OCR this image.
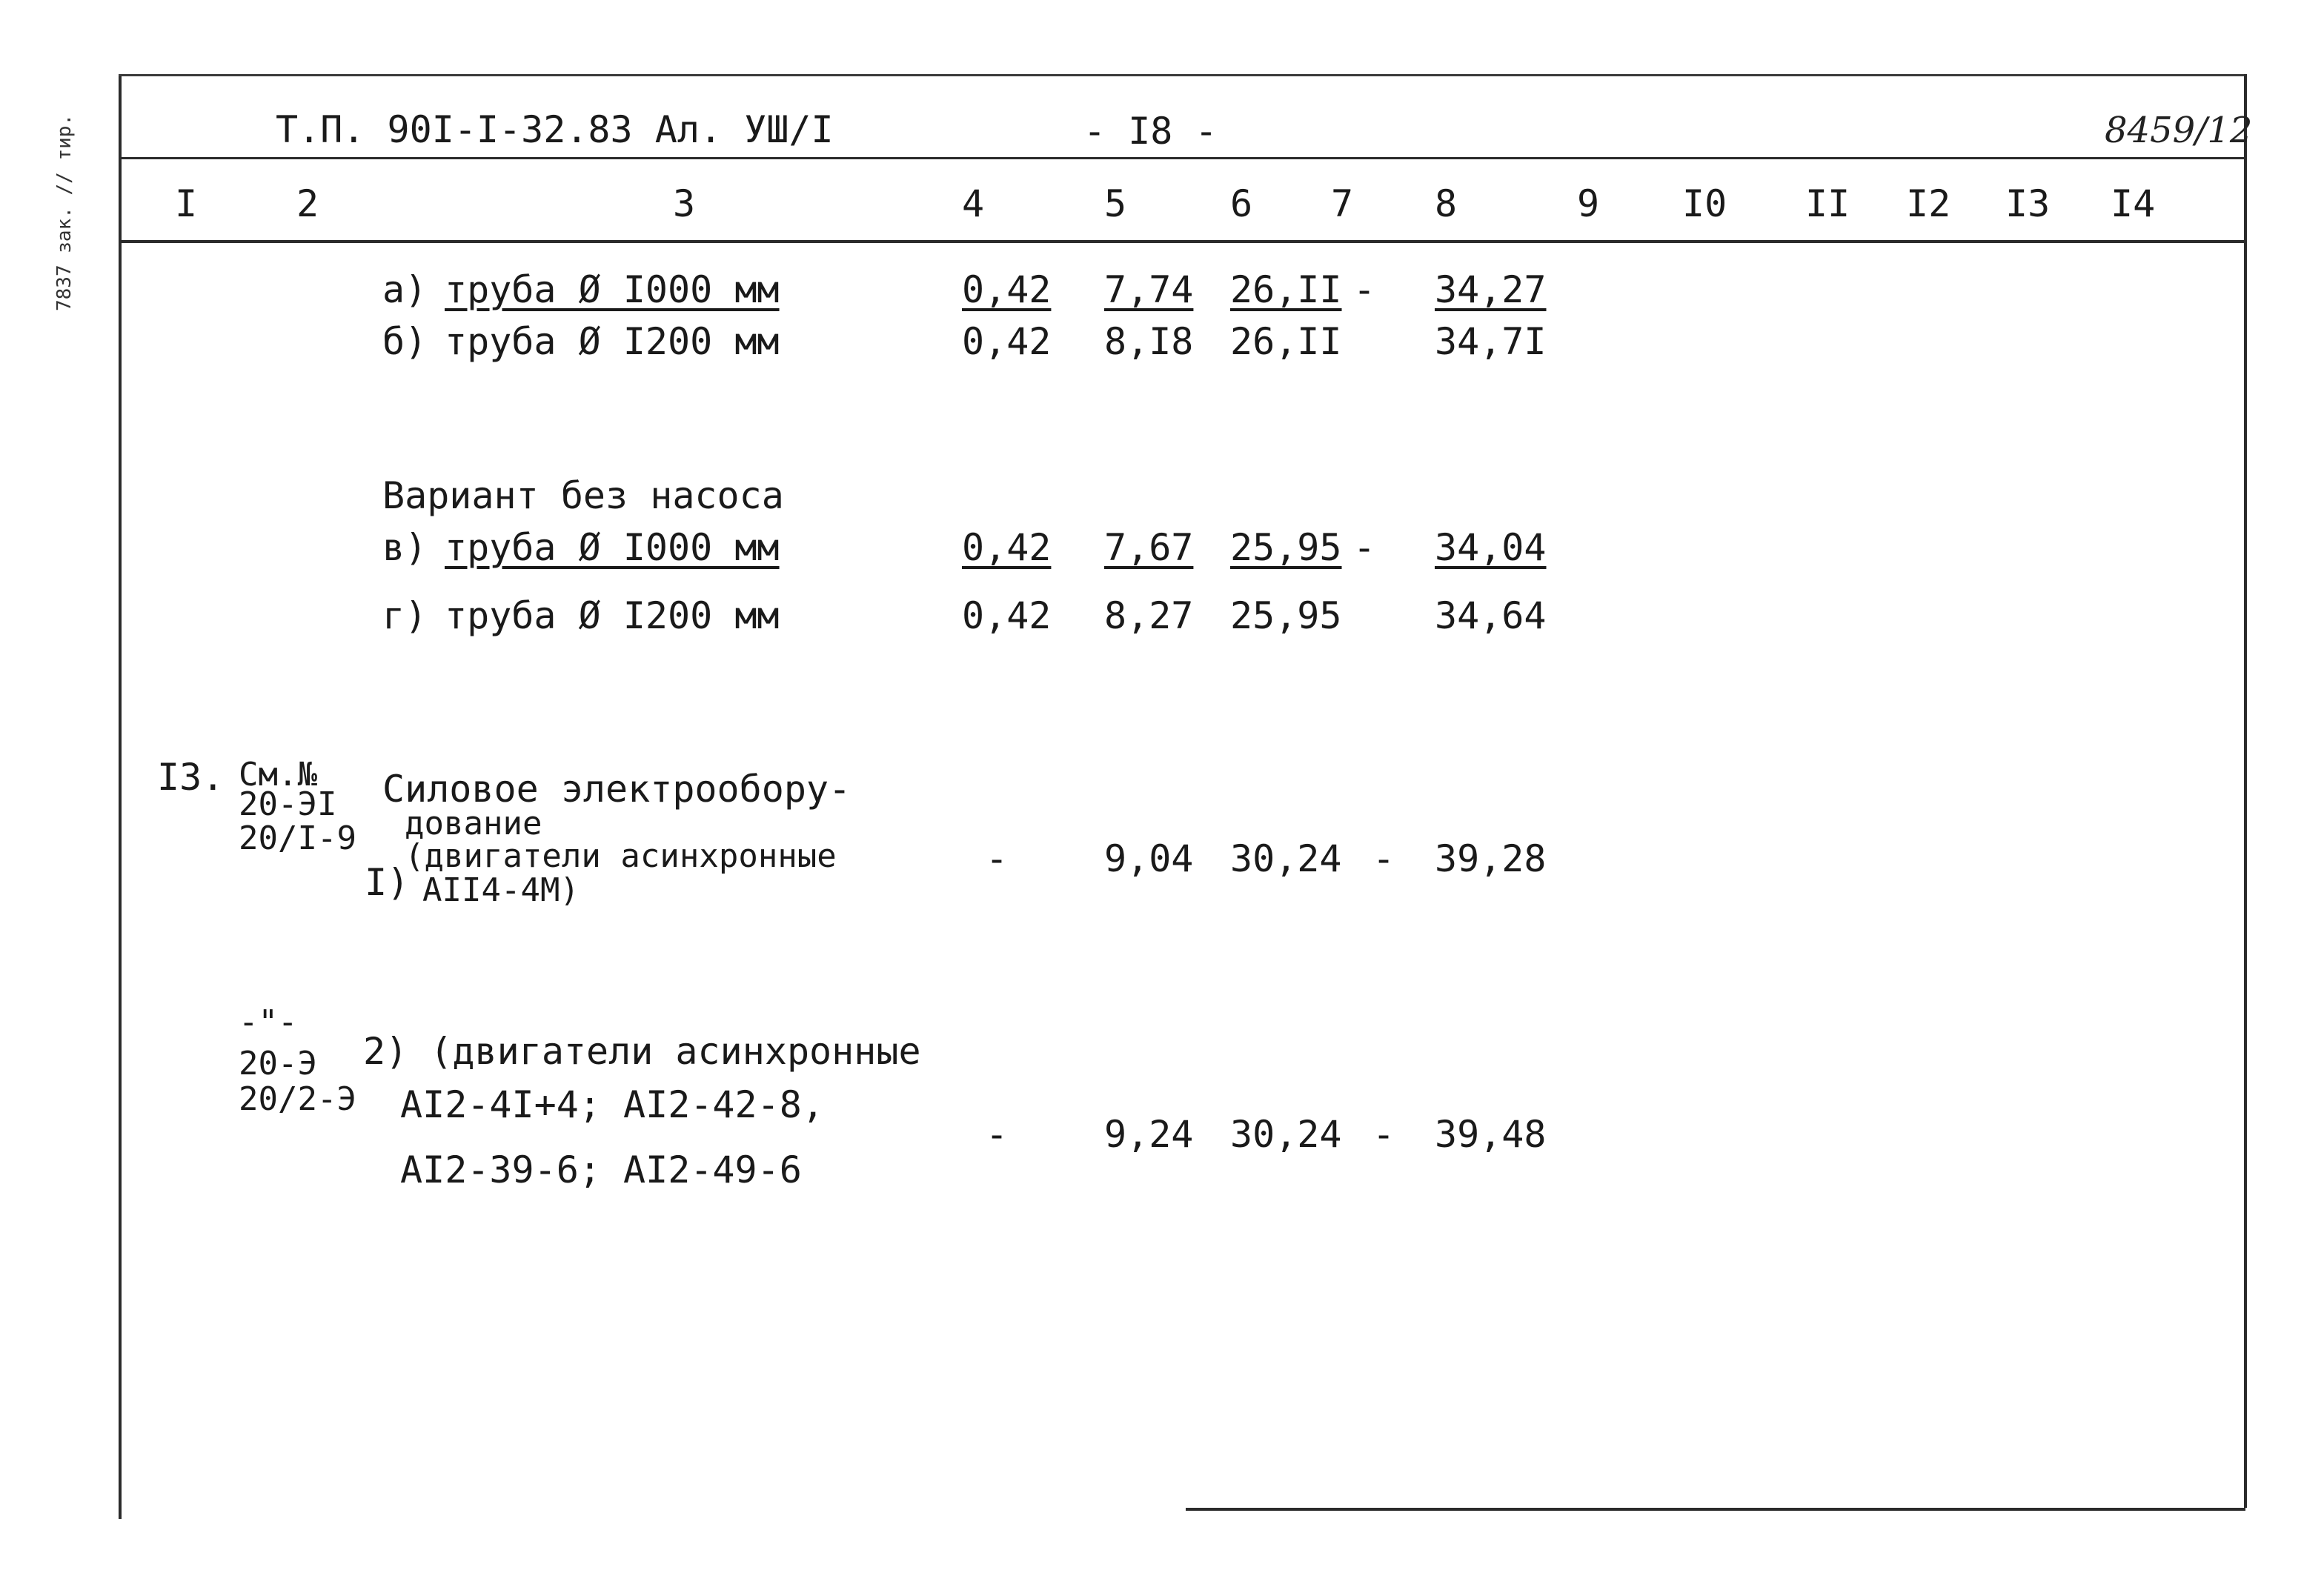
7837 зак. // тир.	Т.П. 90I-I-32.83 Ал. УШ/I	- I8 -	8459/12
I	2	3	4	5	6 7 8	9 I0 II I2 I3 I4
а) труба Ø I000 мм	0,42 7,74 26,II - 34,27
б) труба Ø I200 мм	0,42 8,I8 26,II	34,7I
Вариант без насоса
в) труба Ø I000 мм	0,42 7,67 25,95 - 34,04
г) труба Ø I200 мм	0,42 8,27 25,95	34,64
I3. См.№
20-ЭI
20/I-9
Силовое электрообору-
дование
I)
(двигатели асинхронные
АII4-4М)
-	9,04 30,24 - 39,28
-"-
20-Э
20/2-Э
2) (двигатели асинхронные
АI2-4I+4; АI2-42-8,
АI2-39-6; АI2-49-6
-	9,24 30,24 - 39,48
